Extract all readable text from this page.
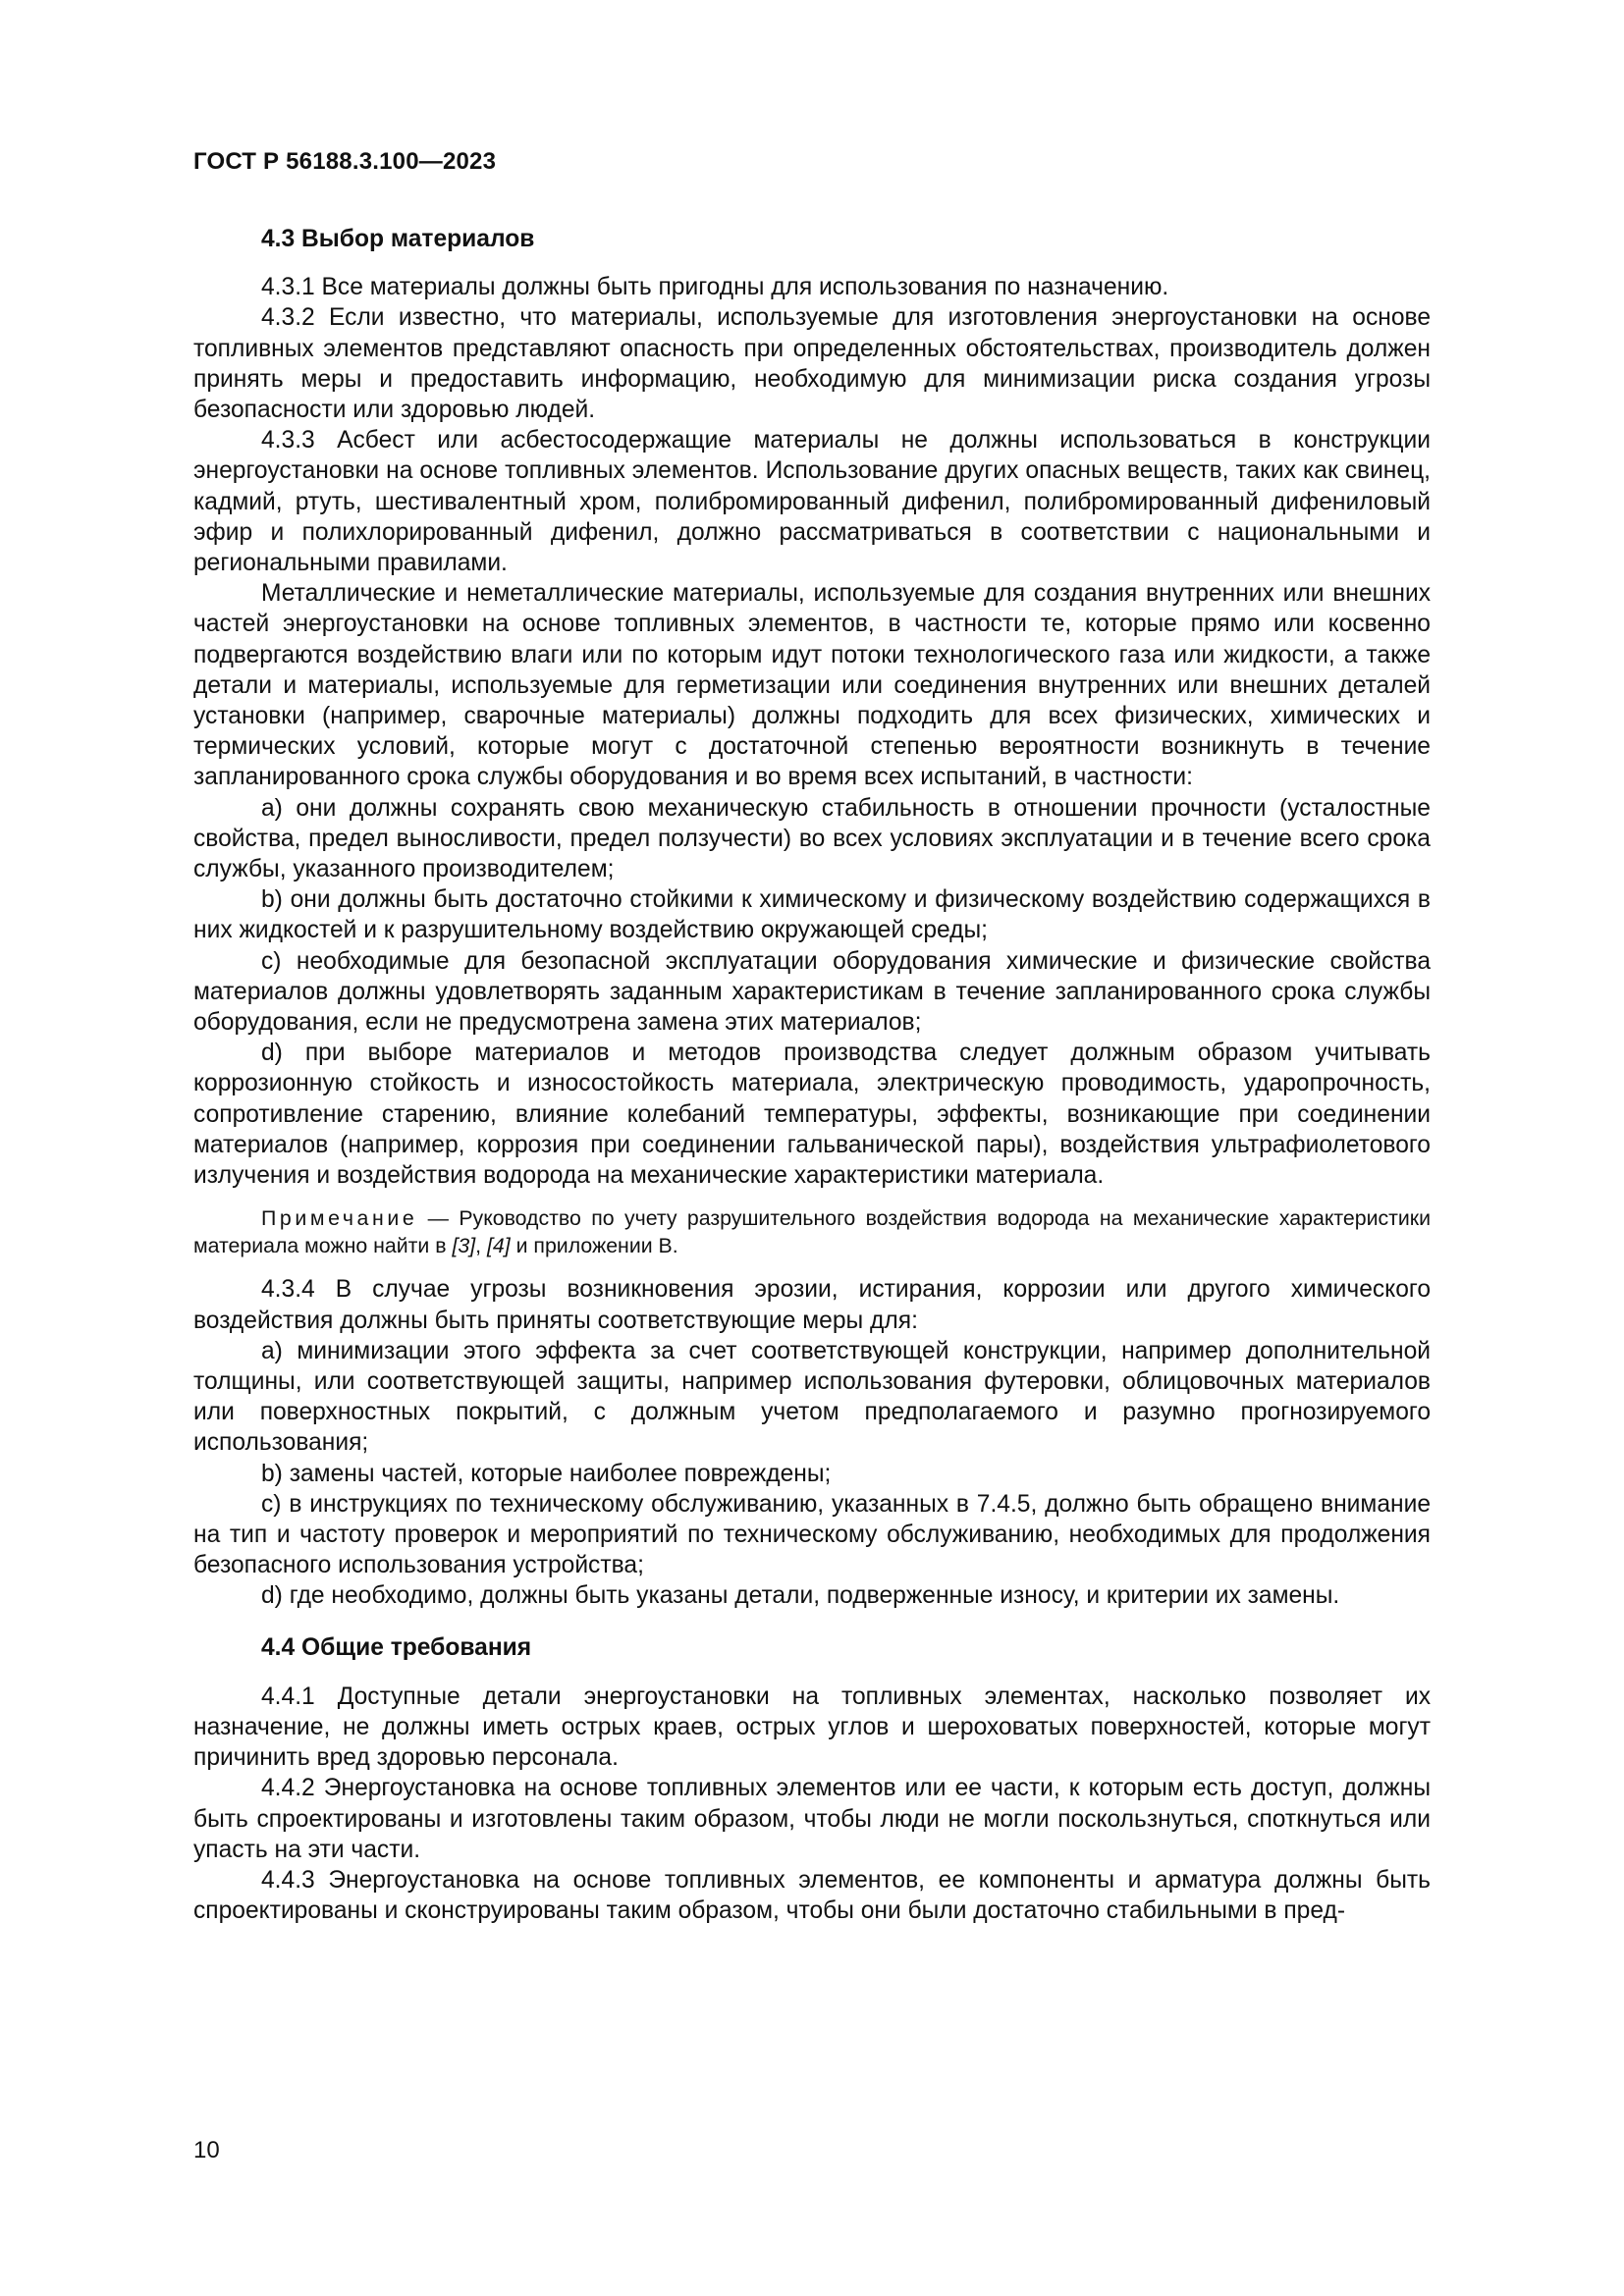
ГОСТ Р 56188.3.100—2023
4.3 Выбор материалов

4.3.1 Все материалы должны быть пригодны для использования по назначению.

4.3.2 Если известно, что материалы, используемые для изготовления энергоустановки на основе топливных элементов представляют опасность при определенных обстоятельствах, производитель должен принять меры и предоставить информацию, необходимую для минимизации риска создания угрозы безопасности или здоровью людей.

4.3.3 Асбест или асбестосодержащие материалы не должны использоваться в конструкции энергоустановки на основе топливных элементов. Использование других опасных веществ, таких как свинец, кадмий, ртуть, шестивалентный хром, полибромированный дифенил, полибромированный дифениловый эфир и полихлорированный дифенил, должно рассматриваться в соответствии с национальными и региональными правилами.

Металлические и неметаллические материалы, используемые для создания внутренних или внешних частей энергоустановки на основе топливных элементов, в частности те, которые прямо или косвенно подвергаются воздействию влаги или по которым идут потоки технологического газа или жидкости, а также детали и материалы, используемые для герметизации или соединения внутренних или внешних деталей установки (например, сварочные материалы) должны подходить для всех физических, химических и термических условий, которые могут с достаточной степенью вероятности возникнуть в течение запланированного срока службы оборудования и во время всех испытаний, в частности:

a) они должны сохранять свою механическую стабильность в отношении прочности (усталостные свойства, предел выносливости, предел ползучести) во всех условиях эксплуатации и в течение всего срока службы, указанного производителем;

b) они должны быть достаточно стойкими к химическому и физическому воздействию содержащихся в них жидкостей и к разрушительному воздействию окружающей среды;

c) необходимые для безопасной эксплуатации оборудования химические и физические свойства материалов должны удовлетворять заданным характеристикам в течение запланированного срока службы оборудования, если не предусмотрена замена этих материалов;

d) при выборе материалов и методов производства следует должным образом учитывать коррозионную стойкость и износостойкость материала, электрическую проводимость, ударопрочность, сопротивление старению, влияние колебаний температуры, эффекты, возникающие при соединении материалов (например, коррозия при соединении гальванической пары), воздействия ультрафиолетового излучения и воздействия водорода на механические характеристики материала.

Примечание — Руководство по учету разрушительного воздействия водорода на механические характеристики материала можно найти в [3], [4] и приложении В.

4.3.4 В случае угрозы возникновения эрозии, истирания, коррозии или другого химического воздействия должны быть приняты соответствующие меры для:

a) минимизации этого эффекта за счет соответствующей конструкции, например дополнительной толщины, или соответствующей защиты, например использования футеровки, облицовочных материалов или поверхностных покрытий, с должным учетом предполагаемого и разумно прогнозируемого использования;

b) замены частей, которые наиболее повреждены;

c) в инструкциях по техническому обслуживанию, указанных в 7.4.5, должно быть обращено внимание на тип и частоту проверок и мероприятий по техническому обслуживанию, необходимых для продолжения безопасного использования устройства;

d) где необходимо, должны быть указаны детали, подверженные износу, и критерии их замены.

4.4 Общие требования

4.4.1 Доступные детали энергоустановки на топливных элементах, насколько позволяет их назначение, не должны иметь острых краев, острых углов и шероховатых поверхностей, которые могут причинить вред здоровью персонала.

4.4.2 Энергоустановка на основе топливных элементов или ее части, к которым есть доступ, должны быть спроектированы и изготовлены таким образом, чтобы люди не могли поскользнуться, споткнуться или упасть на эти части.

4.4.3 Энергоустановка на основе топливных элементов, ее компоненты и арматура должны быть спроектированы и сконструированы таким образом, чтобы они были достаточно стабильными в пред-

10
